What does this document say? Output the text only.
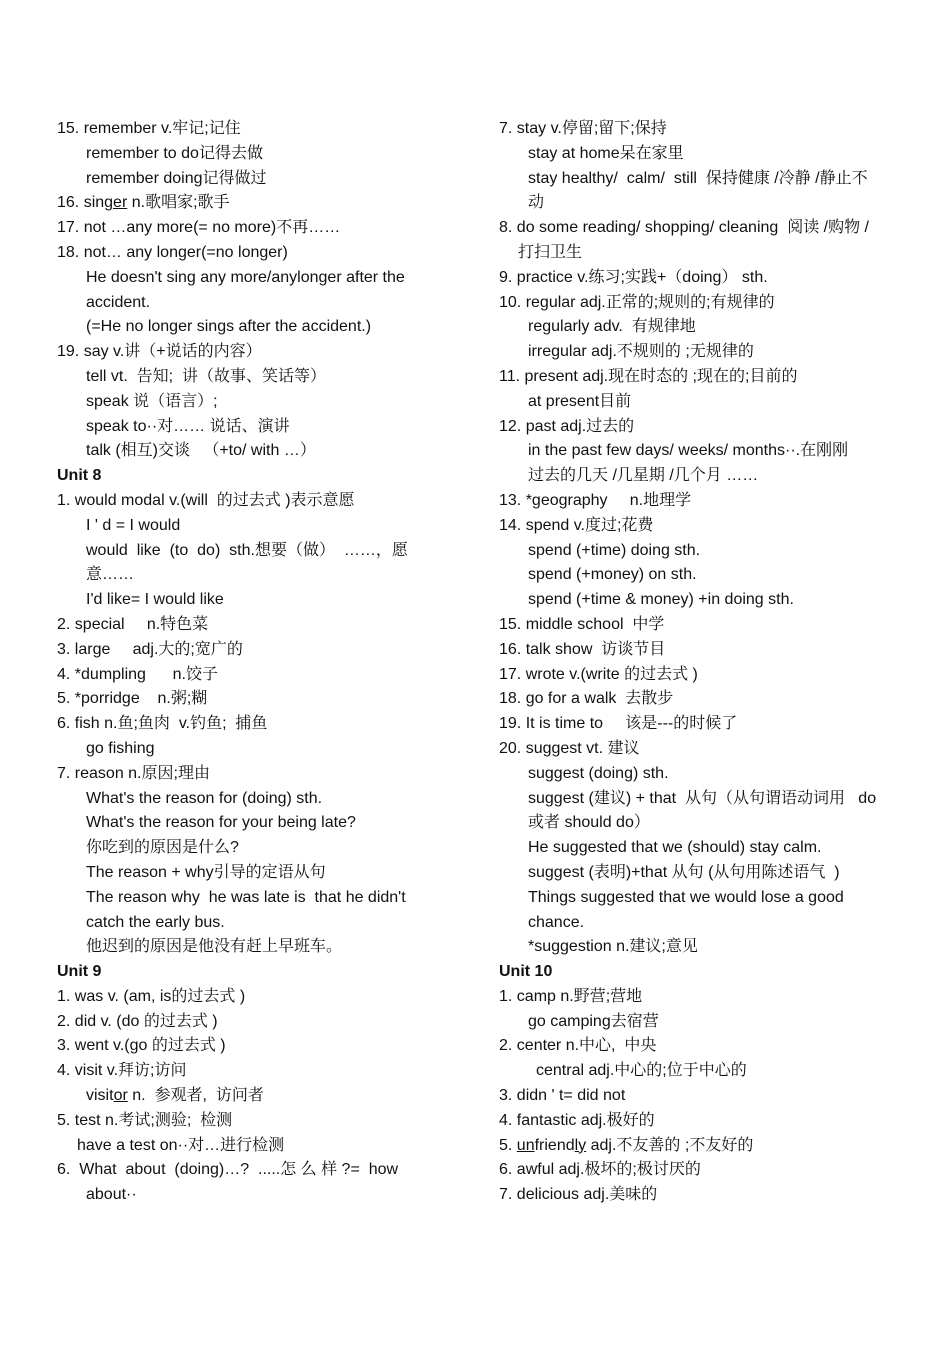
15. remember v.牢记;记住
remember to do记得去做
remember doing记得做过
16. singer n.歌唱家;歌手
17. not …any more(= no more)不再……
18. not… any longer(=no longer)
He doesn't sing any more/anylonger after the
accident.
(=He no longer sings after the accident.)
19. say v.讲（+说话的内容）
tell vt.  告知;  讲（故事、笑话等）
speak 说（语言）;
speak to··对…… 说话、演讲
talk (相互)交谈   （+to/ with …）
Unit 8
1. would modal v.(will  的过去式 )表示意愿
I ' d = I would
would  like  (to  do)  sth.想要（做）  ……，愿
意……
I'd like= I would like
2. special     n.特色菜
3. large     adj.大的;宽广的
4. *dumpling      n.饺子
5. *porridge    n.粥;糊
6. fish n.鱼;鱼肉  v.钓鱼;  捕鱼
go fishing
7. reason n.原因;理由
What's the reason for (doing) sth.
What's the reason for your being late?
你吃到的原因是什么?
The reason + why引导的定语从句
The reason why  he was late is  that he didn't
catch the early bus.
他迟到的原因是他没有赶上早班车。
Unit 9
1. was v. (am, is的过去式 )
2. did v. (do 的过去式 )
3. went v.(go 的过去式 )
4. visit v.拜访;访问
visitor n.  参观者,  访问者
5. test n.考试;测验;  检测
have a test on··对…进行检测
6.  What  about  (doing)…?  .....怎 么 样 ?=  how
about··
7. stay v.停留;留下;保持
stay at home呆在家里
stay healthy/  calm/  still  保持健康 /冷静 /静止不
动
8. do some reading/ shopping/ cleaning  阅读 /购物 /
打扫卫生
9. practice v.练习;实践+（doing） sth.
10. regular adj.正常的;规则的;有规律的
regularly adv.  有规律地
irregular adj.不规则的 ;无规律的
11. present adj.现在时态的 ;现在的;目前的
at present目前
12. past adj.过去的
in the past few days/ weeks/ months··.在刚刚
过去的几天 /几星期 /几个月 ……
13. *geography     n.地理学
14. spend v.度过;花费
spend (+time) doing sth.
spend (+money) on sth.
spend (+time & money) +in doing sth.
15. middle school  中学
16. talk show  访谈节目
17. wrote v.(write 的过去式 )
18. go for a walk  去散步
19. It is time to     该是---的时候了
20. suggest vt. 建议
suggest (doing) sth.
suggest (建议) + that  从句（从句谓语动词用   do
或者 should do）
He suggested that we (should) stay calm.
suggest (表明)+that 从句 (从句用陈述语气  )
Things suggested that we would lose a good
chance.
*suggestion n.建议;意见
Unit 10
1. camp n.野营;营地
go camping去宿营
2. center n.中心,  中央
central adj.中心的;位于中心的
3. didn ' t= did not
4. fantastic adj.极好的
5. unfriendly adj.不友善的 ;不友好的
6. awful adj.极坏的;极讨厌的
7. delicious adj.美味的
